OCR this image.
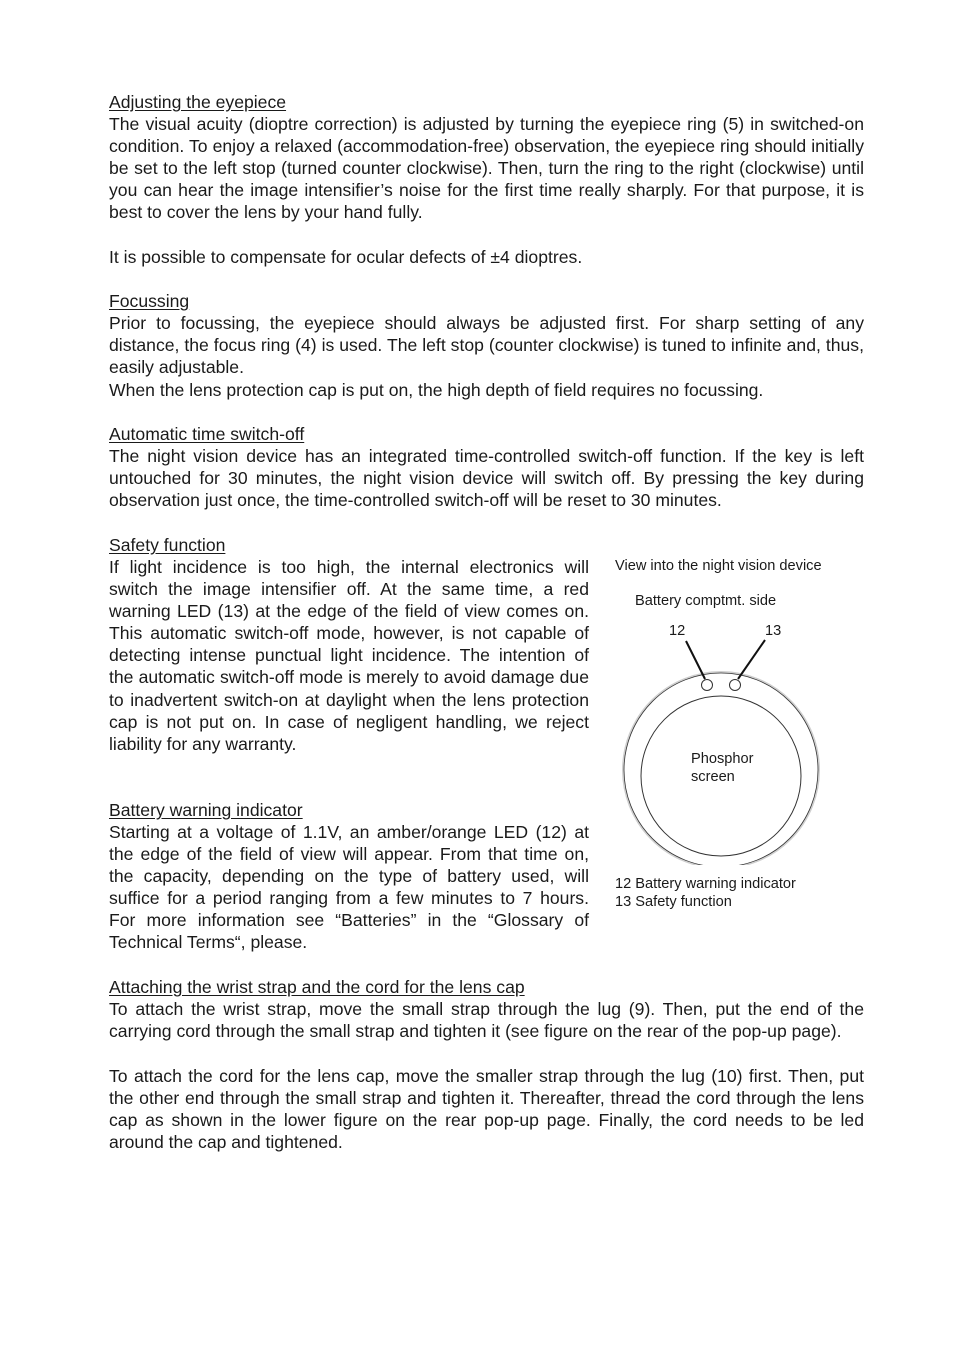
Adjusting the eyepiece

The visual acuity (dioptre correction) is adjusted by turning the eyepiece ring (5) in switched-on condition. To enjoy a relaxed (accommodation-free) observation, the eyepiece ring should initially be set to the left stop (turned counter clockwise). Then, turn the ring to the right (clockwise) until you can hear the image intensifier’s noise for the first time really sharply. For that purpose, it is best to cover the lens by your hand fully.

It is possible to compensate for ocular defects of ±4 dioptres.

Focussing

Prior to focussing, the eyepiece should always be adjusted first. For sharp setting of any distance, the focus ring (4) is used. The left stop (counter clockwise) is tuned to infinite and, thus, easily adjustable.

When the lens protection cap is put on, the high depth of field requires no focussing.

Automatic time switch-off

The night vision device has an integrated time-controlled switch-off function. If the key is left untouched for 30 minutes, the night vision device will switch off. By pressing the key during observation just once, the time-controlled switch-off will be reset to 30 minutes.

Safety function

If light incidence is too high, the internal electronics will switch the image intensifier off. At the same time, a red warning LED (13) at the edge of the field of view comes on. This automatic switch-off mode, however, is not capable of detecting intense punctual light incidence. The intention of the automatic switch-off mode is merely to avoid damage due to inadvertent switch-on at daylight when the lens protection cap is not put on. In case of negligent handling, we reject liability for any warranty.

Battery warning indicator

Starting at a voltage of 1.1V, an amber/orange LED (12) at the edge of the field of view will appear. From that time on, the capacity, depending on the type of battery used, will suffice for a period ranging from a few minutes to 7 hours. For more information see “Batteries” in the “Glossary of Technical Terms“, please.

Attaching the wrist strap and the cord for the lens cap

To attach the wrist strap, move the small strap through the lug (9). Then, put the end of the carrying cord through the small strap and tighten it (see figure on the rear of the pop-up page).

To attach the cord for the lens cap, move the smaller strap through the lug (10) first. Then, put the other end through the small strap and tighten it. Thereafter, thread the cord through the lens cap as shown in the lower figure on the rear pop-up page. Finally, the cord needs to be led around the cap and tightened.

View into the night vision device
Battery comptmt. side
12	13
Phosphor
screen
12 Battery warning indicator
13 Safety function
